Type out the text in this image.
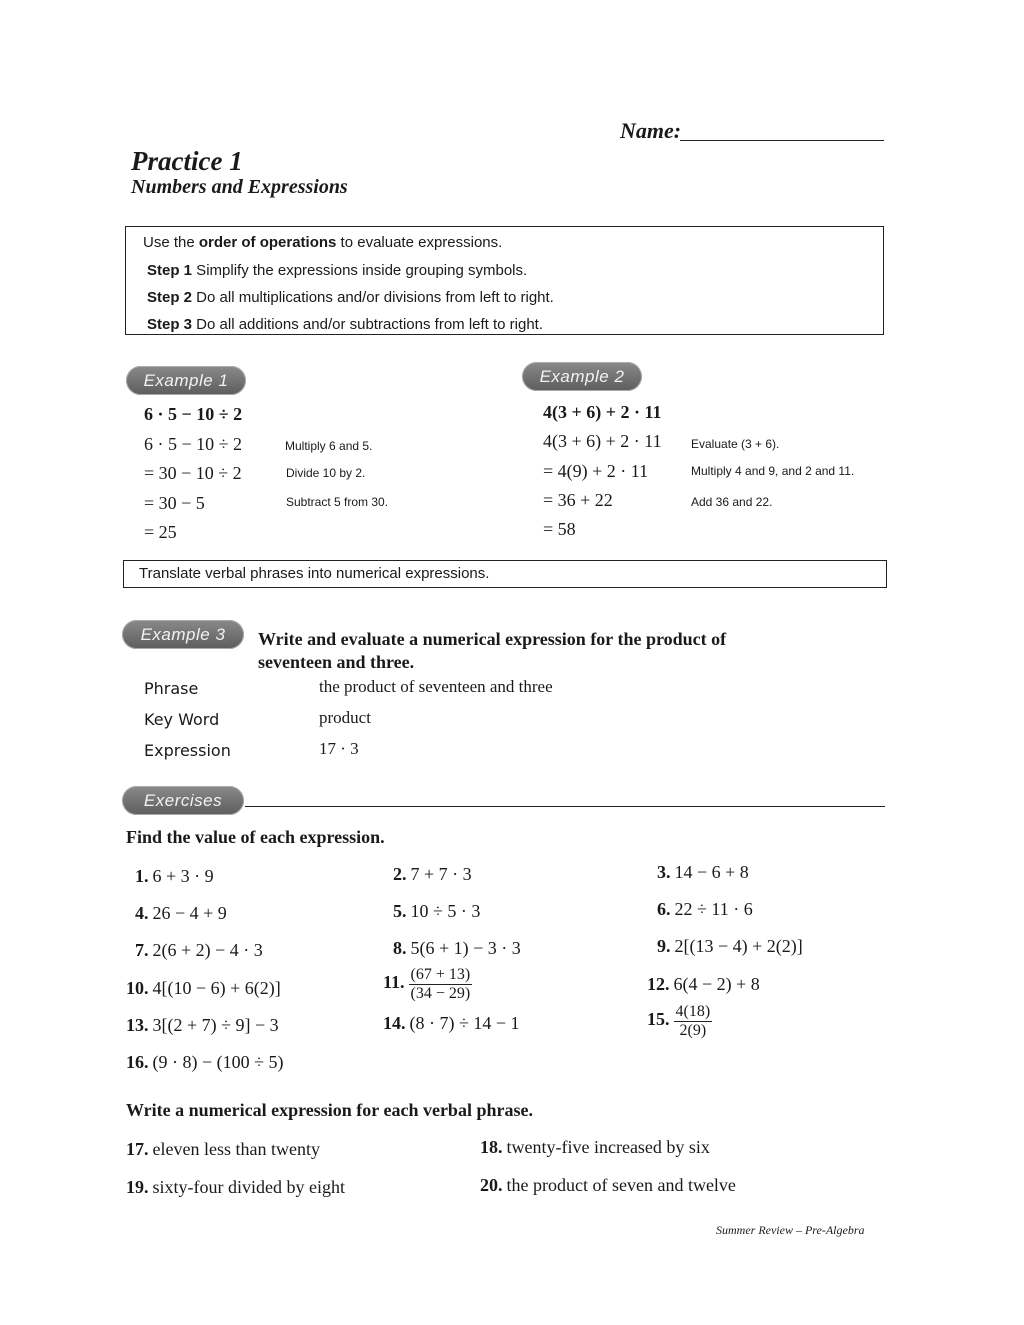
Name:
Practice 1
Numbers and Expressions
Use the order of operations to evaluate expressions.
Step 1 Simplify the expressions inside grouping symbols.
Step 2 Do all multiplications and/or divisions from left to right.
Step 3 Do all additions and/or subtractions from left to right.
Example 1
6 · 5 − 10 ÷ 2
6 · 5 − 10 ÷ 2	Multiply 6 and 5.
= 30 − 10 ÷ 2	Divide 10 by 2.
= 30 − 5	Subtract 5 from 30.
= 25
Example 2
4(3 + 6) + 2 · 11
4(3 + 6) + 2 · 11 Evaluate (3 + 6).
= 4(9) + 2 · 11	Multiply 4 and 9, and 2 and 11.
= 36 + 22	Add 36 and 22.
= 58
Translate verbal phrases into numerical expressions.
Example 3	Write and evaluate a numerical expression for the product of
seventeen and three.
Phrase	the product of seventeen and three
Key Word	product
Expression	17 · 3
Exercises
Find the value of each expression.
1. 6 + 3 · 9	2. 7 + 7 · 3	3. 14 − 6 + 8
4. 26 − 4 + 9	5. 10 ÷ 5 · 3	6. 22 ÷ 11 · 6
7. 2(6 + 2) − 4 · 3	8. 5(6 + 1) − 3 · 3	9. 2[(13 − 4) + 2(2)]
10. 4[(10 − 6) + 6(2)]	11. $\frac{(67 + 13)}{(34 - 29)}$	12. 6(4 − 2) + 8
13. 3[(2 + 7) ÷ 9] − 3	14. (8 · 7) ÷ 14 − 1	15. $\frac{4(18)}{2(9)}$
16. (9 · 8) − (100 ÷ 5)
Write a numerical expression for each verbal phrase.
17. eleven less than twenty	18. twenty-five increased by six
19. sixty-four divided by eight	20. the product of seven and twelve
Summer Review – Pre-Algebra
